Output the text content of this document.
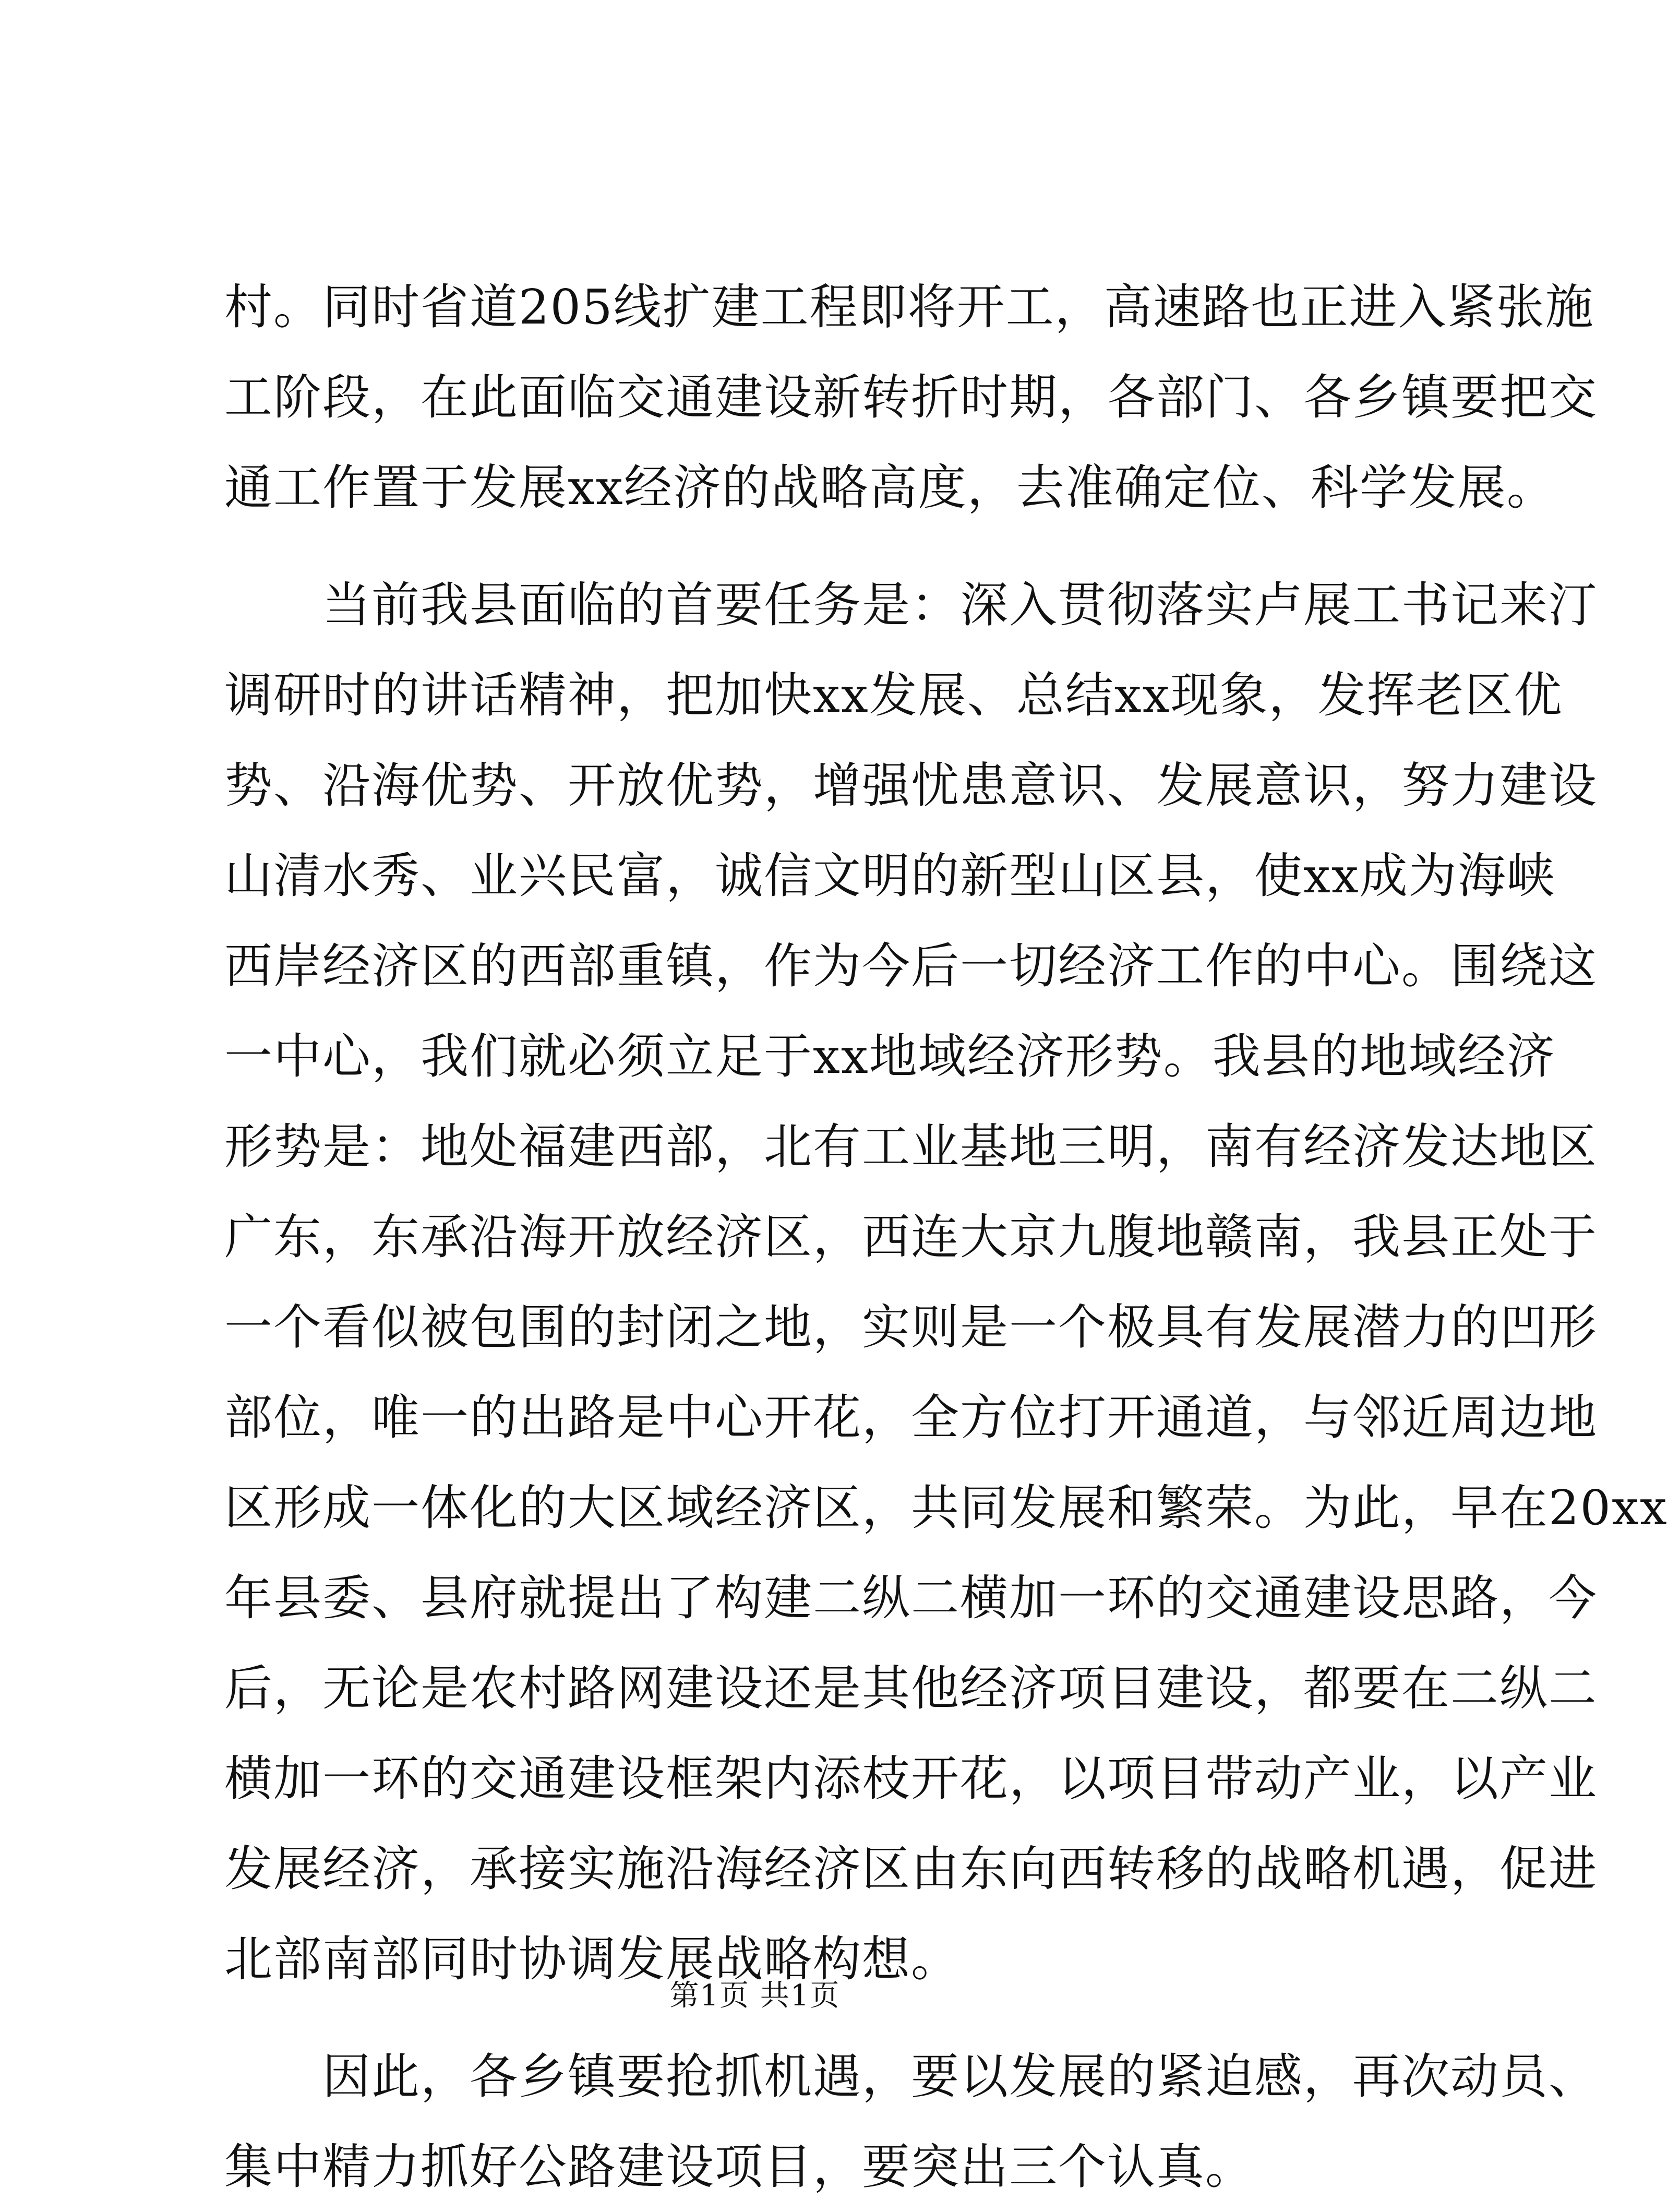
村。同时省道205线扩建工程即将开工，高速路也正进入紧张施
工阶段，在此面临交通建设新转折时期，各部门、各乡镇要把交
通工作置于发展xx经济的战略高度，去准确定位、科学发展。
　　当前我县面临的首要任务是：深入贯彻落实卢展工书记来汀
调研时的讲话精神，把加快xx发展、总结xx现象，发挥老区优
势、沿海优势、开放优势，增强忧患意识、发展意识，努力建设
山清水秀、业兴民富，诚信文明的新型山区县，使xx成为海峡
西岸经济区的西部重镇，作为今后一切经济工作的中心。围绕这
一中心，我们就必须立足于xx地域经济形势。我县的地域经济
形势是：地处福建西部，北有工业基地三明，南有经济发达地区
广东，东承沿海开放经济区，西连大京九腹地赣南，我县正处于
一个看似被包围的封闭之地，实则是一个极具有发展潜力的凹形
部位，唯一的出路是中心开花，全方位打开通道，与邻近周边地
区形成一体化的大区域经济区，共同发展和繁荣。为此，早在20xx
年县委、县府就提出了构建二纵二横加一环的交通建设思路，今
后，无论是农村路网建设还是其他经济项目建设，都要在二纵二
横加一环的交通建设框架内添枝开花，以项目带动产业，以产业
发展经济，承接实施沿海经济区由东向西转移的战略机遇，促进
北部南部同时协调发展战略构想。
　　因此，各乡镇要抢抓机遇，要以发展的紧迫感，再次动员、
集中精力抓好公路建设项目，要突出三个认真。
第1页 共1页
